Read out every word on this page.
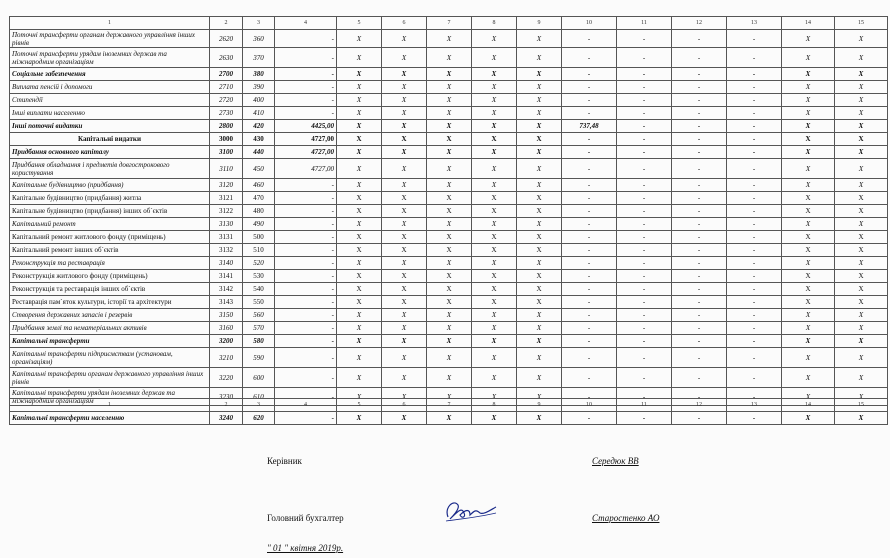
1	2	3	4	5	6	7	8	9	10	11	12	13	14	15
Поточні трансферти органам державного управління інших рівнів	2620	360	-	X	X	X	X	X	-	-	-	-	X	X
Поточні трансферти урядам іноземних держав та міжнародним організаціям	2630	370	-	X	X	X	X	X	-	-	-	-	X	X
Соціальне забезпечення	2700	380	-	X	X	X	X	X	-	-	-	-	X	X
Виплата пенсій і допомоги	2710	390	-	X	X	X	X	X	-	-	-	-	X	X
Стипендії	2720	400	-	X	X	X	X	X	-	-	-	-	X	X
Інші виплати населенню	2730	410	-	X	X	X	X	X	-	-	-	-	X	X
Інші поточні видатки	2800	420	4425,00	X	X	X	X	X	737,48	-	-	-	X	X
Капітальні видатки	3000	430	4727,00	X	X	X	X	X	-	-	-	-	X	X
Придбання основного капіталу	3100	440	4727,00	X	X	X	X	X	-	-	-	-	X	X
Придбання обладнання і предметів довгострокового користування	3110	450	4727,00	X	X	X	X	X	-	-	-	-	X	X
Капітальне будівництво (придбання)	3120	460	-	X	X	X	X	X	-	-	-	-	X	X
Капітальне будівництво (придбання) житла	3121	470	-	X	X	X	X	X	-	-	-	-	X	X
Капітальне будівництво (придбання) інших об`єктів	3122	480	-	X	X	X	X	X	-	-	-	-	X	X
Капітальний ремонт	3130	490	-	X	X	X	X	X	-	-	-	-	X	X
Капітальний ремонт житлового фонду (приміщень)	3131	500	-	X	X	X	X	X	-	-	-	-	X	X
Капітальний ремонт інших об`єктів	3132	510	-	X	X	X	X	X	-	-	-	-	X	X
Реконструкція та реставрація	3140	520	-	X	X	X	X	X	-	-	-	-	X	X
Реконструкція житлового фонду (приміщень)	3141	530	-	X	X	X	X	X	-	-	-	-	X	X
Реконструкція та реставрація інших об`єктів	3142	540	-	X	X	X	X	X	-	-	-	-	X	X
Реставрація пам`яток культури, історії та архітектури	3143	550	-	X	X	X	X	X	-	-	-	-	X	X
Створення державних запасів і резервів	3150	560	-	X	X	X	X	X	-	-	-	-	X	X
Придбання землі та нематеріальних активів	3160	570	-	X	X	X	X	X	-	-	-	-	X	X
Капітальні трансферти	3200	580	-	X	X	X	X	X	-	-	-	-	X	X
Капітальні трансферти підприємствам (установам, організаціям)	3210	590	-	X	X	X	X	X	-	-	-	-	X	X
Капітальні трансферти органам державного управління інших рівнів	3220	600	-	X	X	X	X	X	-	-	-	-	X	X
Капітальні трансферти урядам іноземних держав та міжнародним організаціям	3230	610	-	X	X	X	X	X	-	-	-	-	X	X
1	2	3	4	5	6	7	8	9	10	11	12	13	14	15
Капітальні трансферти населенню	3240	620	-	X	X	X	X	X	-	-	-	-	X	X
Керівник	Середюк ВВ
Головний бухгалтер	Старостенко АО
" 01 " квітня 2019р.
